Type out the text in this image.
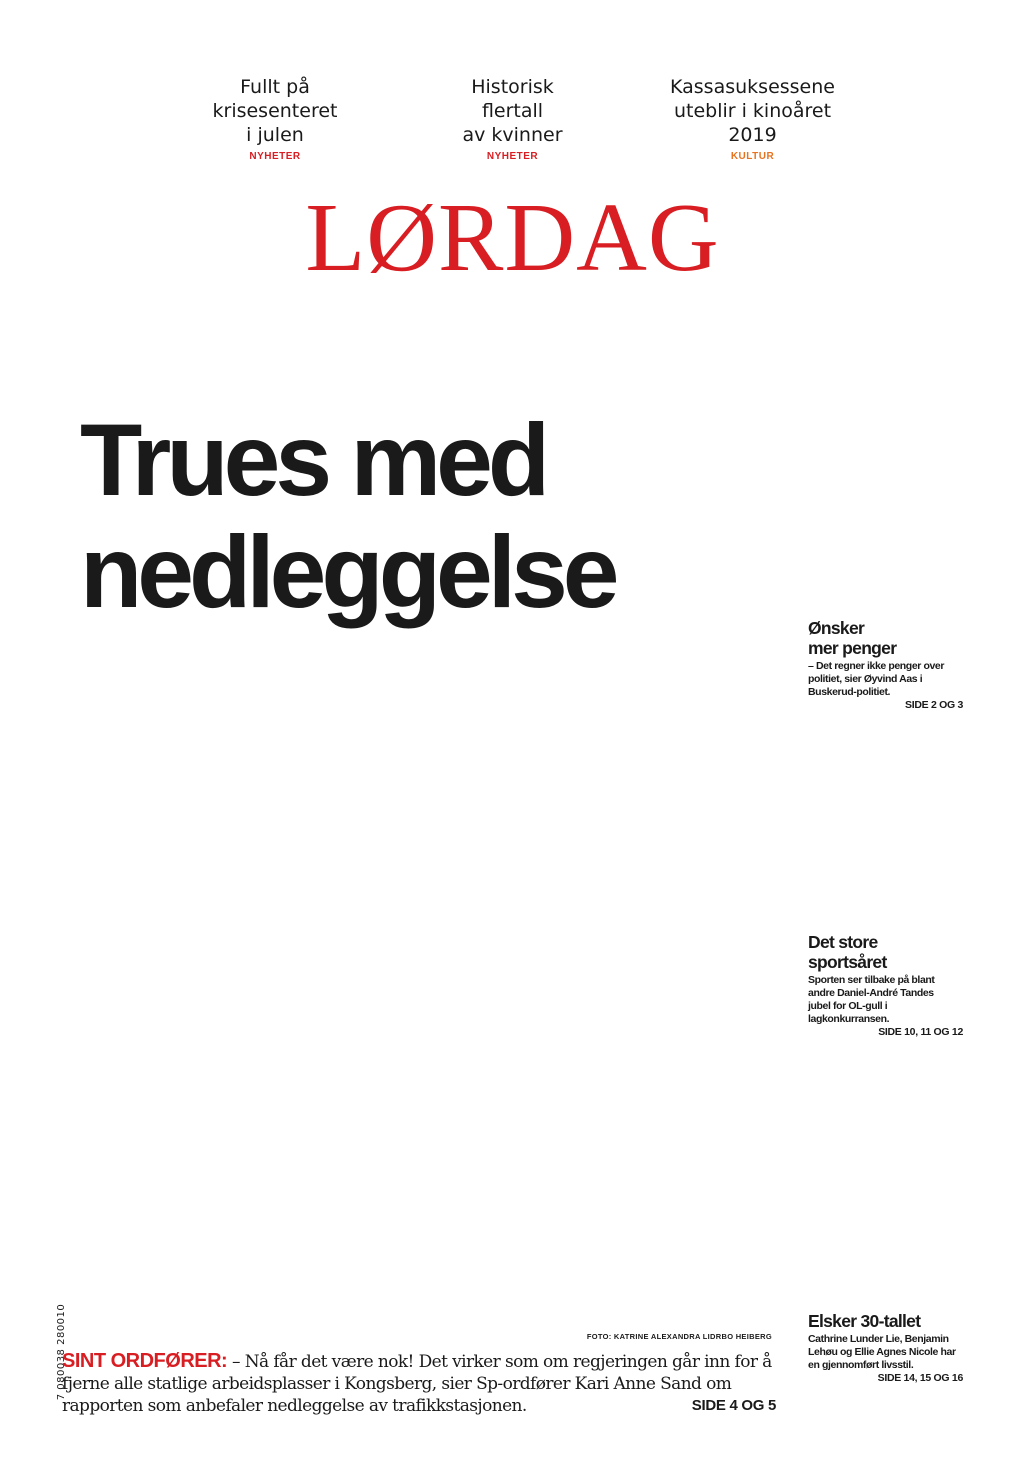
Fullt på
krisesenteret
i julen
NYHETER
Historisk
flertall
av kvinner
NYHETER
Kassasuksessene
uteblir i kinoåret
2019
KULTUR
LØRDAG
Trues med
nedleggelse	Ønsker
mer penger
– Det regner ikke penger over politiet, sier Øyvind Aas i Buskerud-politiet.
SIDE 2 OG 3
Det store
sportsåret
Sporten ser tilbake på blant andre Daniel-André Tandes jubel for OL-gull i lagkonkurransen.
SIDE 10, 11 OG 12
Elsker 30-tallet
Cathrine Lunder Lie, Benjamin Lehøu og Ellie Agnes Nicole har en gjennomført livsstil.
SIDE 14, 15 OG 16
7 080038 280010	FOTO: KATRINE ALEXANDRA LIDRBO HEIBERG
SINT ORDFØRER: – Nå får det være nok! Det virker som om regjeringen går inn for å fjerne alle statlige arbeidsplasser i Kongsberg, sier Sp-ordfører Kari Anne Sand om rapporten som anbefaler nedleggelse av trafikkstasjonen.	SIDE 4 OG 5
